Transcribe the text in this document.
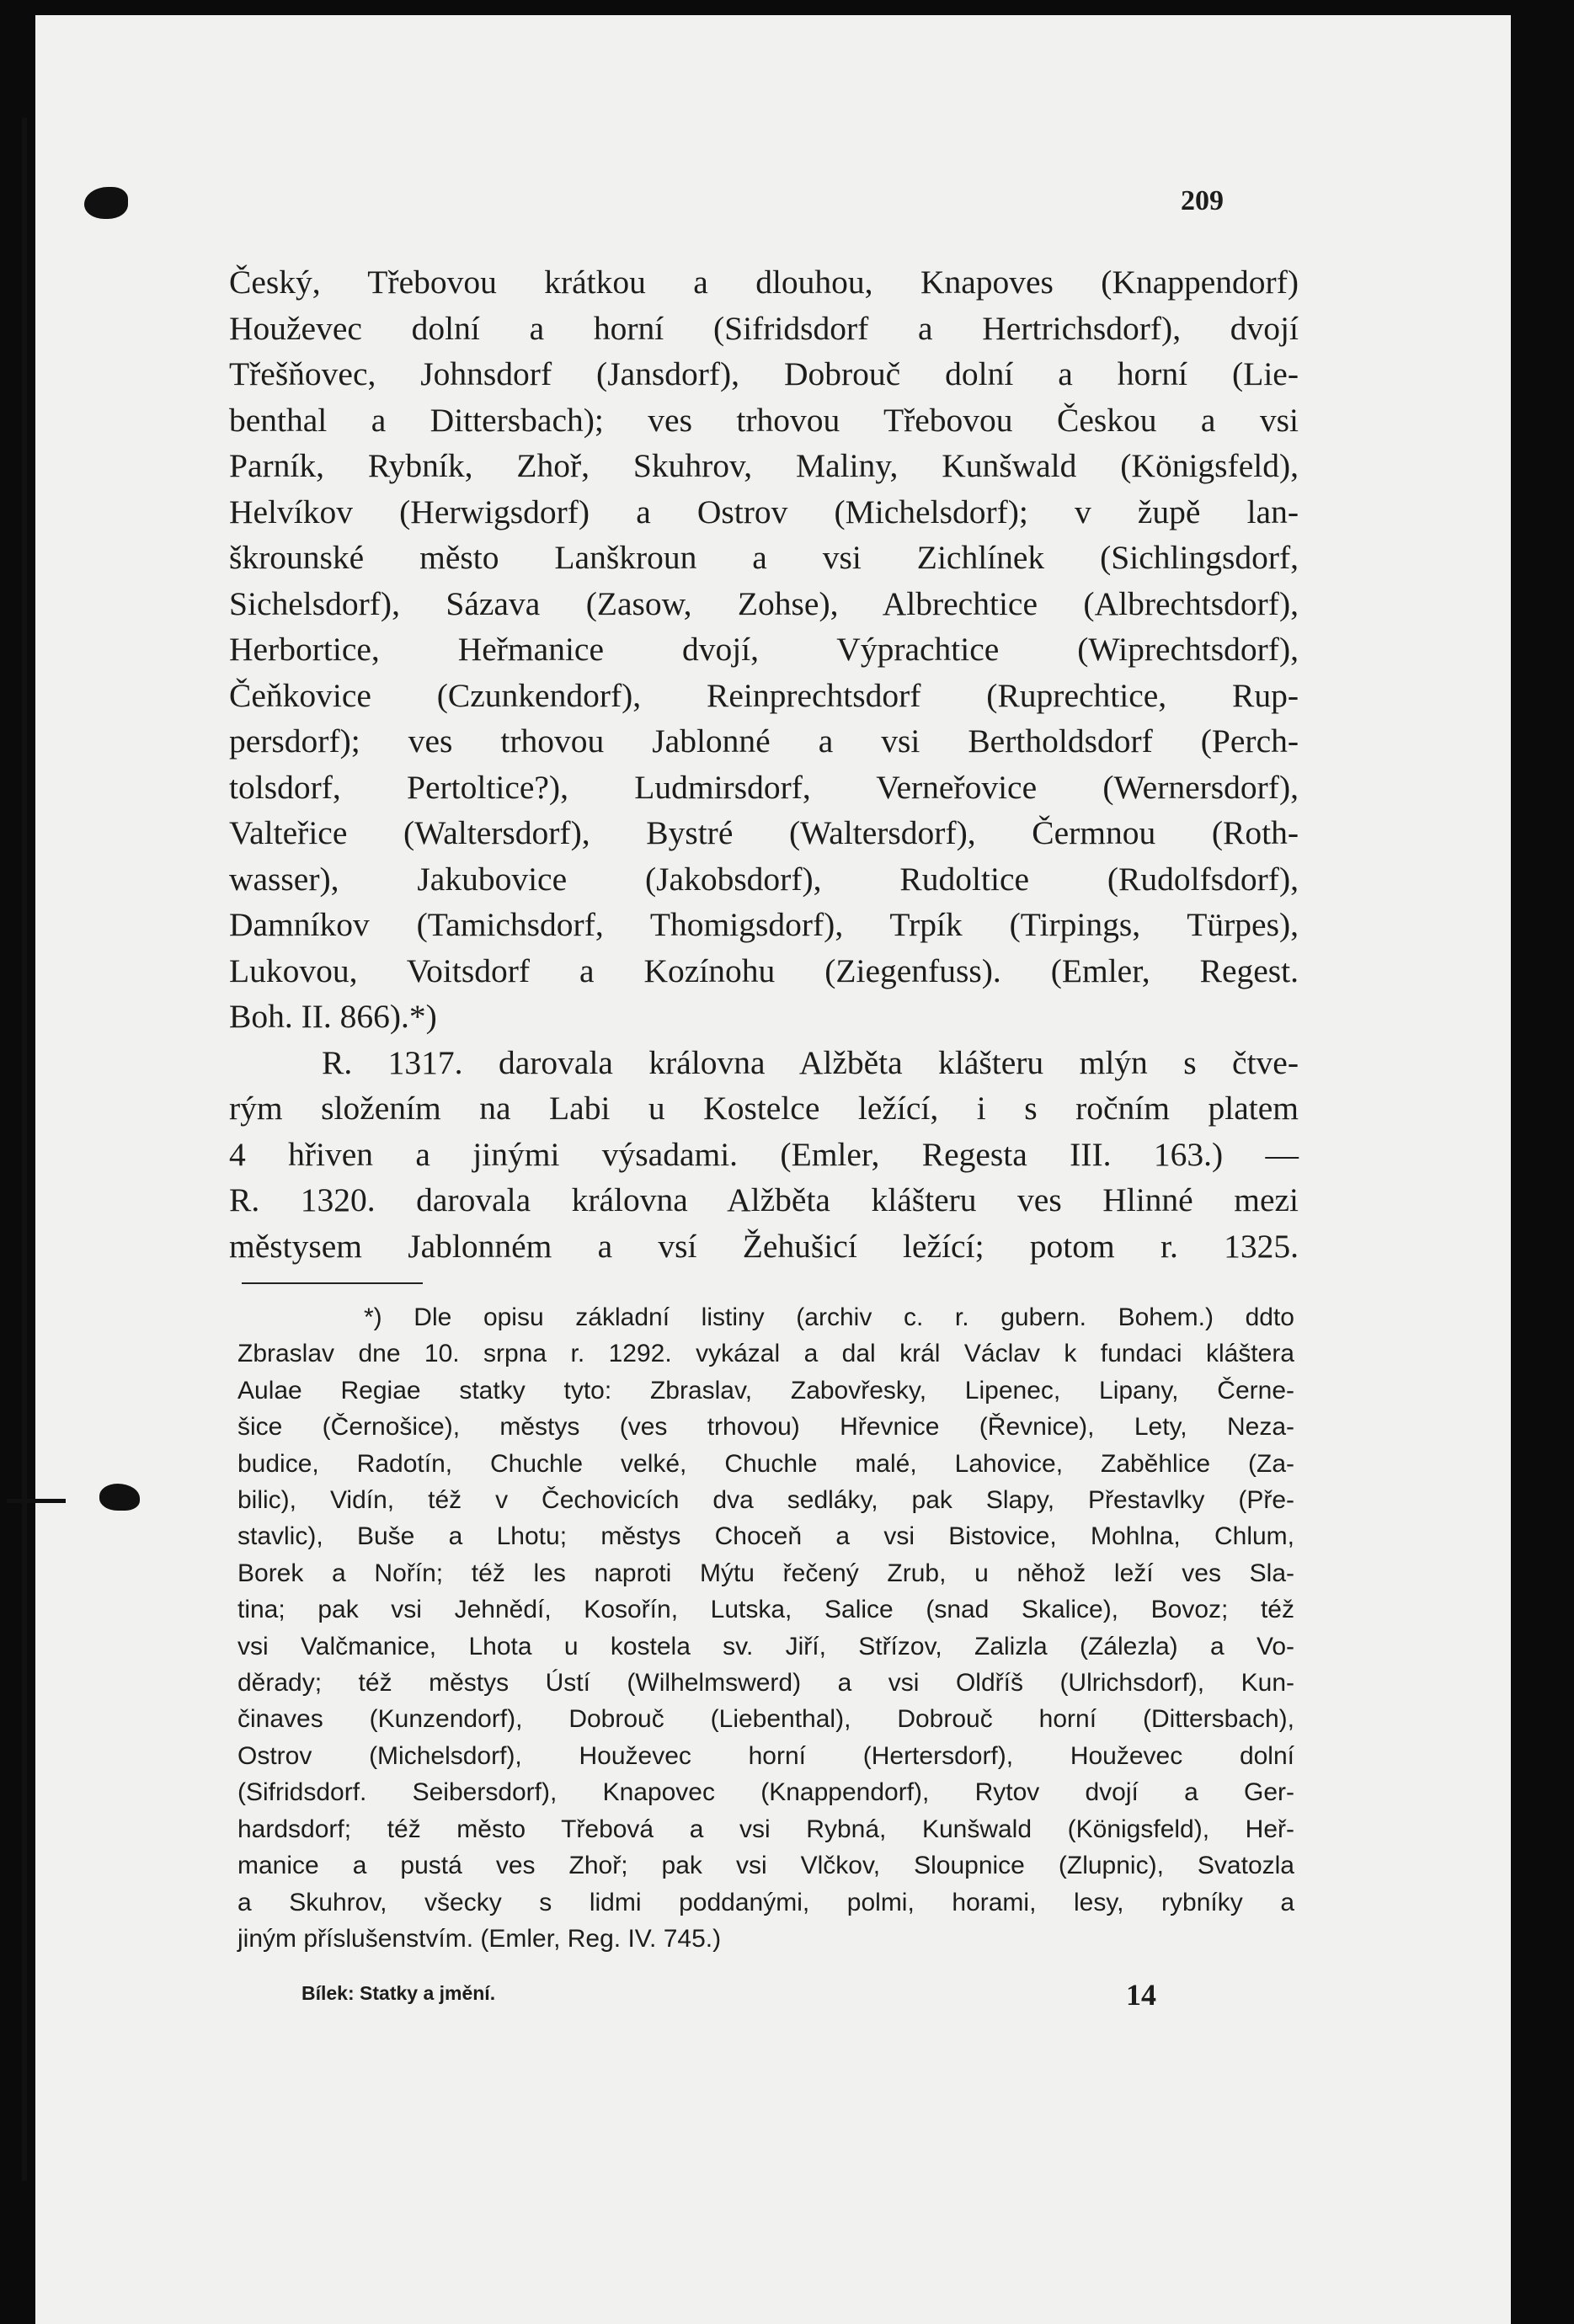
209
Český, Třebovou krátkou a dlouhou, Knapoves (Knappendorf)
Houževec dolní a horní (Sifridsdorf a Hertrichsdorf), dvojí
Třešňovec, Johnsdorf (Jansdorf), Dobrouč dolní a horní (Lie-
benthal a Dittersbach); ves trhovou Třebovou Českou a vsi
Parník, Rybník, Zhoř, Skuhrov, Maliny, Kunšwald (Königsfeld),
Helvíkov (Herwigsdorf) a Ostrov (Michelsdorf); v župě lan-
škrounské město Lanškroun a vsi Zichlínek (Sichlingsdorf,
Sichelsdorf), Sázava (Zasow, Zohse), Albrechtice (Albrechtsdorf),
Herbortice, Heřmanice dvojí, Výprachtice (Wiprechtsdorf),
Čeňkovice (Czunkendorf), Reinprechtsdorf (Ruprechtice, Rup-
persdorf); ves trhovou Jablonné a vsi Bertholdsdorf (Perch-
tolsdorf, Pertoltice?), Ludmirsdorf, Verneřovice (Wernersdorf),
Valteřice (Waltersdorf), Bystré (Waltersdorf), Čermnou (Roth-
wasser), Jakubovice (Jakobsdorf), Rudoltice (Rudolfsdorf),
Damníkov (Tamichsdorf, Thomigsdorf), Trpík (Tirpings, Türpes),
Lukovou, Voitsdorf a Kozínohu (Ziegenfuss). (Emler, Regest.
Boh. II. 866).*)
R. 1317. darovala královna Alžběta klášteru mlýn s čtve-
rým složením na Labi u Kostelce ležící, i s ročním platem
4 hřiven a jinými výsadami. (Emler, Regesta III. 163.) —
R. 1320. darovala královna Alžběta klášteru ves Hlinné mezi
městysem Jablonném a vsí Žehušicí ležící; potom r. 1325.
*) Dle opisu základní listiny (archiv c. r. gubern. Bohem.) ddto
Zbraslav dne 10. srpna r. 1292. vykázal a dal král Václav k fundaci kláštera
Aulae Regiae statky tyto: Zbraslav, Zabovřesky, Lipenec, Lipany, Černe-
šice (Černošice), městys (ves trhovou) Hřevnice (Řevnice), Lety, Neza-
budice, Radotín, Chuchle velké, Chuchle malé, Lahovice, Zaběhlice (Za-
bilic), Vidín, též v Čechovicích dva sedláky, pak Slapy, Přestavlky (Pře-
stavlic), Buše a Lhotu; městys Choceň a vsi Bistovice, Mohlna, Chlum,
Borek a Nořín; též les naproti Mýtu řečený Zrub, u něhož leží ves Sla-
tina; pak vsi Jehnědí, Kosořín, Lutska, Salice (snad Skalice), Bovoz; též
vsi Valčmanice, Lhota u kostela sv. Jiří, Střízov, Zalizla (Zálezla) a Vo-
děrady; též městys Ústí (Wilhelmswerd) a vsi Oldříš (Ulrichsdorf), Kun-
činaves (Kunzendorf), Dobrouč (Liebenthal), Dobrouč horní (Dittersbach),
Ostrov (Michelsdorf), Houževec horní (Hertersdorf), Houževec dolní
(Sifridsdorf. Seibersdorf), Knapovec (Knappendorf), Rytov dvojí a Ger-
hardsdorf; též město Třebová a vsi Rybná, Kunšwald (Königsfeld), Heř-
manice a pustá ves Zhoř; pak vsi Vlčkov, Sloupnice (Zlupnic), Svatozla
a Skuhrov, všecky s lidmi poddanými, polmi, horami, lesy, rybníky a
jiným příslušenstvím. (Emler, Reg. IV. 745.)
Bílek: Statky a jmění.	14
